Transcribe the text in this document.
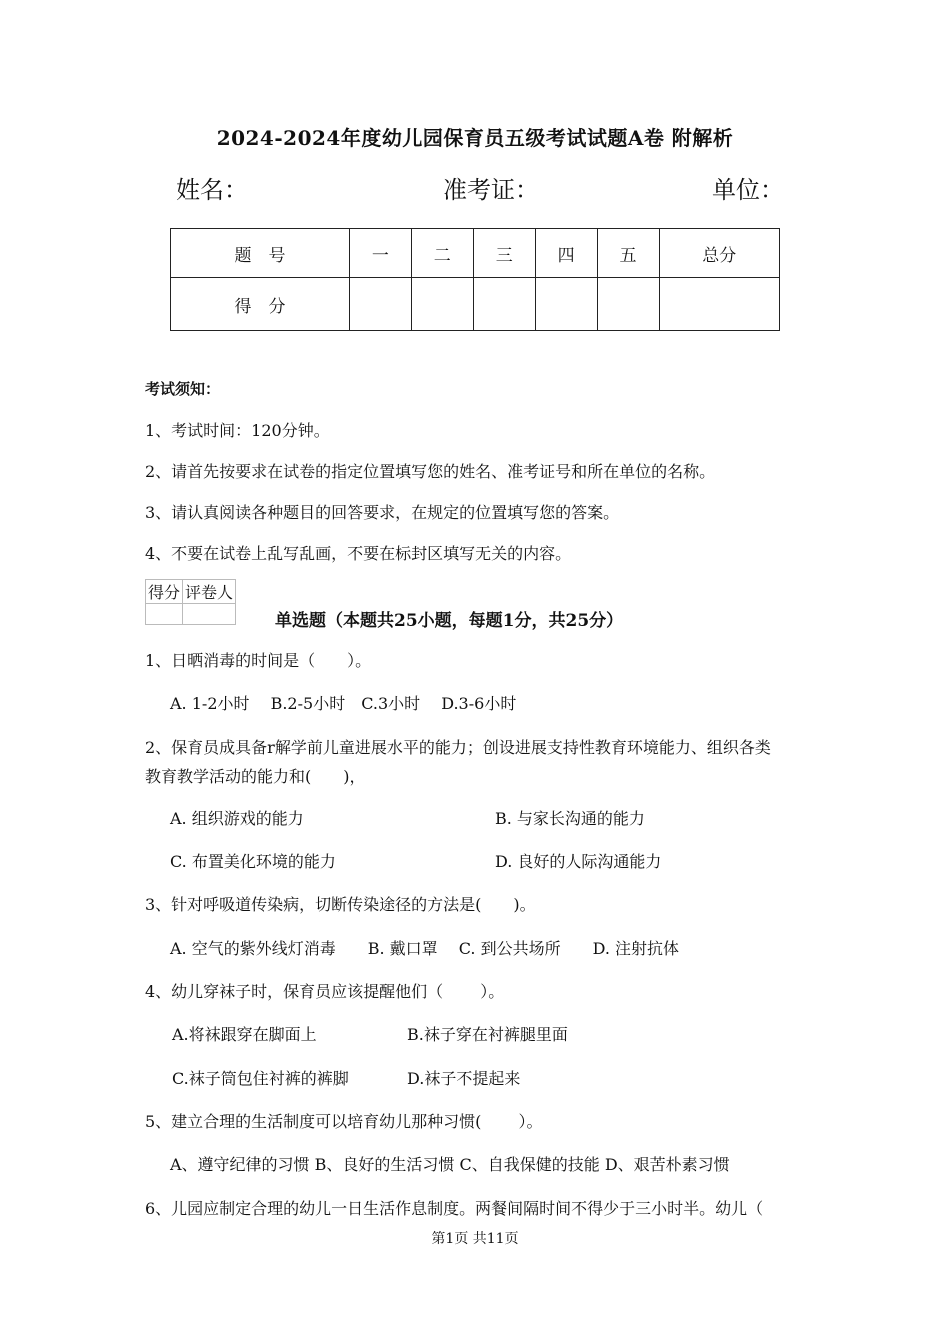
2024-2024年度幼儿园保育员五级考试试题A卷 附解析
姓名：	准考证：	单位：
题　号	一	二	三	四	五	总分
得　分						
考试须知：
1、考试时间：120分钟。
2、请首先按要求在试卷的指定位置填写您的姓名、准考证号和所在单位的名称。
3、请认真阅读各种题目的回答要求，在规定的位置填写您的答案。
4、不要在试卷上乱写乱画，不要在标封区填写无关的内容。
得分	评卷人

单选题（本题共25小题，每题1分，共25分）
1、日晒消毒的时间是（　　）。
A. 1-2小时　 B.2-5小时　C.3小时　 D.3-6小时
2、保育员成具备r解学前儿童进展水平的能力；创设进展支持性教育环境能力、组织各类
教育教学活动的能力和(　　)，
A. 组织游戏的能力	B. 与家长沟通的能力
C. 布置美化环境的能力	D. 良好的人际沟通能力
3、针对呼吸道传染病，切断传染途径的方法是(　　)。
A. 空气的紫外线灯消毒　　B. 戴口罩　 C. 到公共场所　　D. 注射抗体
4、幼儿穿袜子时，保育员应该提醒他们（　　 ）。
A.将袜跟穿在脚面上	B.袜子穿在衬裤腿里面
C.袜子筒包住衬裤的裤脚	D.袜子不提起来
5、建立合理的生活制度可以培育幼儿那种习惯(　　 ）。
A、遵守纪律的习惯 B、良好的生活习惯 C、自我保健的技能 D、艰苦朴素习惯
6、儿园应制定合理的幼儿一日生活作息制度。两餐间隔时间不得少于三小时半。幼儿（
第1页 共11页
